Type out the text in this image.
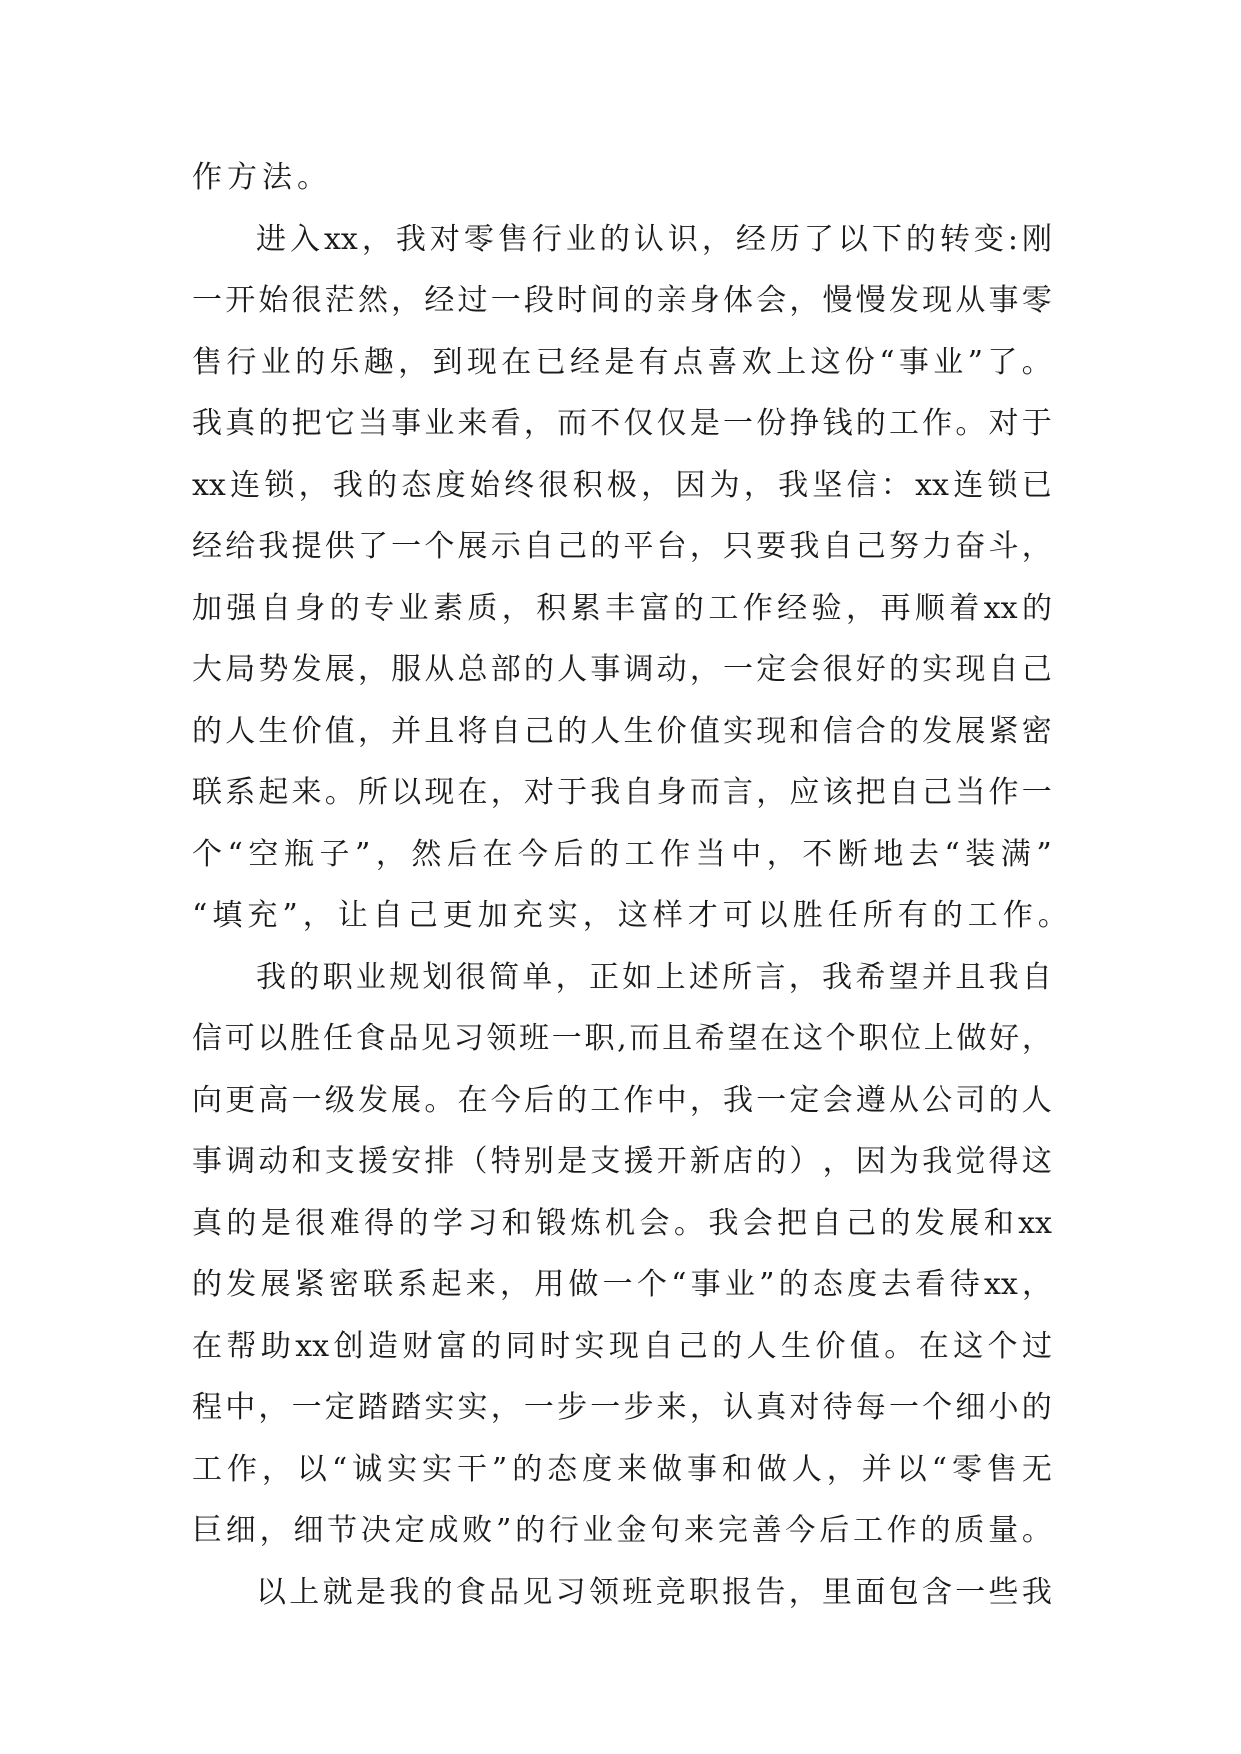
作 方 法 。
进 入 xx ， 我 对 零 售 行 业 的 认 识 ， 经 历 了 以 下 的 转 变 : 刚
一 开 始 很 茫 然 ， 经 过 一 段 时 间 的 亲 身 体 会 ， 慢 慢 发 现 从 事 零
售 行 业 的 乐 趣 ， 到 现 在 已 经 是 有 点 喜 欢 上 这 份 “ 事 业 ” 了 。
我 真 的 把 它 当 事 业 来 看 ， 而 不 仅 仅 是 一 份 挣 钱 的 工 作 。 对 于
xx 连 锁 ， 我 的 态 度 始 终 很 积 极 ， 因 为 ， 我 坚 信 ： xx 连 锁 已
经 给 我 提 供 了 一 个 展 示 自 己 的 平 台 ， 只 要 我 自 己 努 力 奋 斗 ，
加 强 自 身 的 专 业 素 质 ， 积 累 丰 富 的 工 作 经 验 ， 再 顺 着 xx 的
大 局 势 发 展 ， 服 从 总 部 的 人 事 调 动 ， 一 定 会 很 好 的 实 现 自 己
的 人 生 价 值 ， 并 且 将 自 己 的 人 生 价 值 实 现 和 信 合 的 发 展 紧 密
联 系 起 来 。 所 以 现 在 ， 对 于 我 自 身 而 言 ， 应 该 把 自 己 当 作 一
个 “ 空 瓶 子 ” ， 然 后 在 今 后 的 工 作 当 中 ， 不 断 地 去 “ 装 满 ”
“ 填 充 ” ， 让 自 己 更 加 充 实 ， 这 样 才 可 以 胜 任 所 有 的 工 作 。
我 的 职 业 规 划 很 简 单 ， 正 如 上 述 所 言 ， 我 希 望 并 且 我 自
信 可 以 胜 任 食 品 见 习 领 班 一 职 , 而 且 希 望 在 这 个 职 位 上 做 好 ，
向 更 高 一 级 发 展 。 在 今 后 的 工 作 中 ， 我 一 定 会 遵 从 公 司 的 人
事 调 动 和 支 援 安 排 （ 特 别 是 支 援 开 新 店 的 ） ， 因 为 我 觉 得 这
真 的 是 很 难 得 的 学 习 和 锻 炼 机 会 。 我 会 把 自 己 的 发 展 和 xx
的 发 展 紧 密 联 系 起 来 ， 用 做 一 个 “ 事 业 ” 的 态 度 去 看 待 xx ，
在 帮 助 xx 创 造 财 富 的 同 时 实 现 自 己 的 人 生 价 值 。 在 这 个 过
程 中 ， 一 定 踏 踏 实 实 ， 一 步 一 步 来 ， 认 真 对 待 每 一 个 细 小 的
工 作 ， 以 “ 诚 实 实 干 ” 的 态 度 来 做 事 和 做 人 ， 并 以 “ 零 售 无
巨 细 ， 细 节 决 定 成 败 ” 的 行 业 金 句 来 完 善 今 后 工 作 的 质 量 。
以 上 就 是 我 的 食 品 见 习 领 班 竞 职 报 告 ， 里 面 包 含 一 些 我
